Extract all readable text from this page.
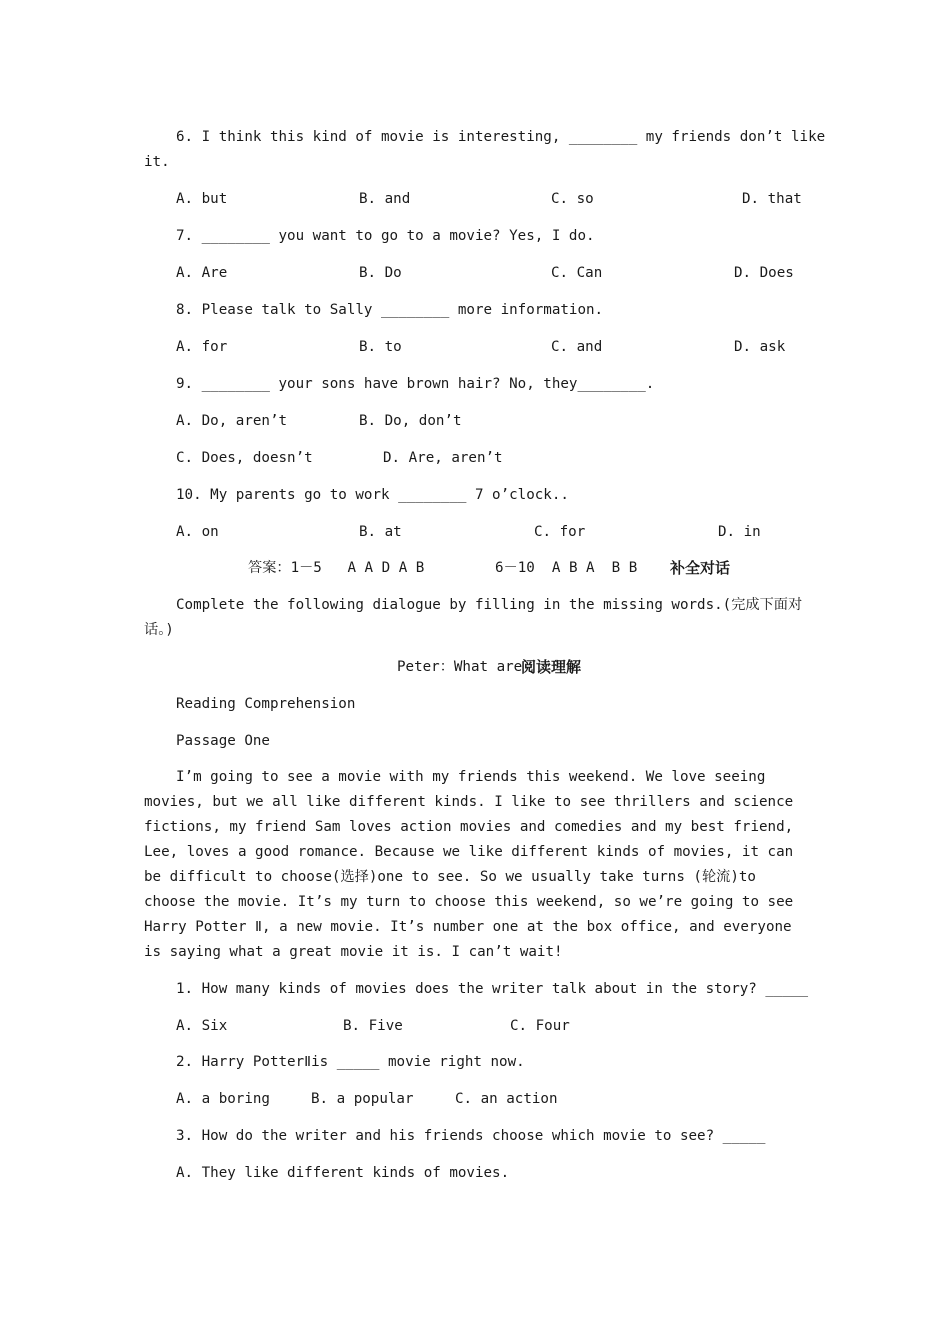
6. I think this kind of movie is interesting, ________ my friends don’t like
it.
A. but	B. and	C. so	D. that
7. ________ you want to go to a movie? Yes, I do.
A. Are	B. Do	C. Can	D. Does
8. Please talk to Sally ________ more information.
A. for	B. to	C. and	D. ask
9. ________ your sons have brown hair? No, they________.
A. Do, aren’t	B. Do, don’t
C. Does, doesn’t	D. Are, aren’t
10. My parents go to work ________ 7 o’clock..
A. on	B. at	C. for	D. in
答案：1－5   A A D A B	6－10  A B A  B B 补全对话
Complete the following dialogue by filling in the missing words.(完成下面对
话。)
Peter：What are
阅读理解
Reading Comprehension
Passage One
I’m going to see a movie with my friends this weekend. We love seeing movies, but we all like different kinds. I like to see thrillers and science fictions, my friend Sam loves action movies and comedies and my best friend, Lee, loves a good romance. Because we like different kinds of movies, it can be difficult to choose(选择)one to see. So we usually take turns (轮流)to choose the movie. It’s my turn to choose this weekend, so we’re going to see Harry Potter Ⅱ, a new movie. It’s number one at the box office, and everyone is saying what a great movie it is. I can’t wait!
1. How many kinds of movies does the writer talk about in the story? _____
A. Six	B. Five	C. Four
2. Harry PotterⅡis _____ movie right now.
A. a boring	B. a popular	C. an action
3. How do the writer and his friends choose which movie to see? _____
A. They like different kinds of movies.
